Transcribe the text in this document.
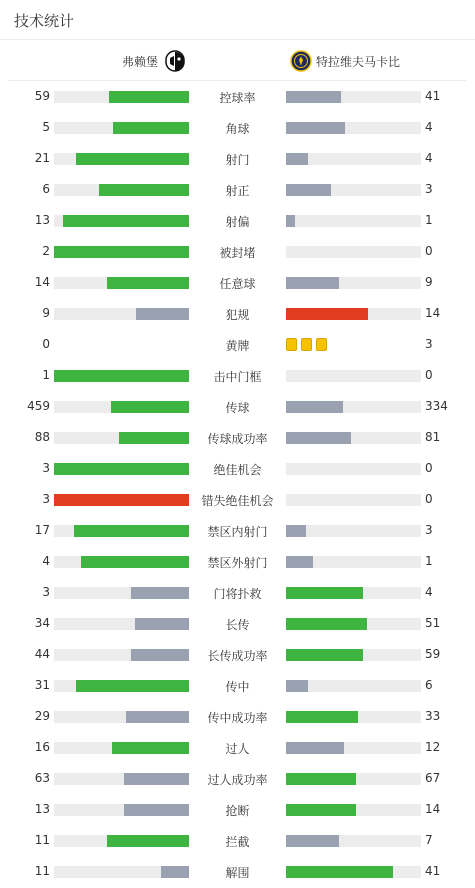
技术统计
弗赖堡	特拉维夫马卡比
59	控球率	41
5	角球	4
21	射门	4
6	射正	3
13	射偏	1
2	被封堵	0
14	任意球	9
9	犯规	14
0	黄牌	3
1	击中门框	0
459	传球	334
88	传球成功率	81
3	绝佳机会	0
3	错失绝佳机会	0
17	禁区内射门	3
4	禁区外射门	1
3	门将扑救	4
34	长传	51
44	长传成功率	59
31	传中	6
29	传中成功率	33
16	过人	12
63	过人成功率	67
13	抢断	14
11	拦截	7
11	解围	41
